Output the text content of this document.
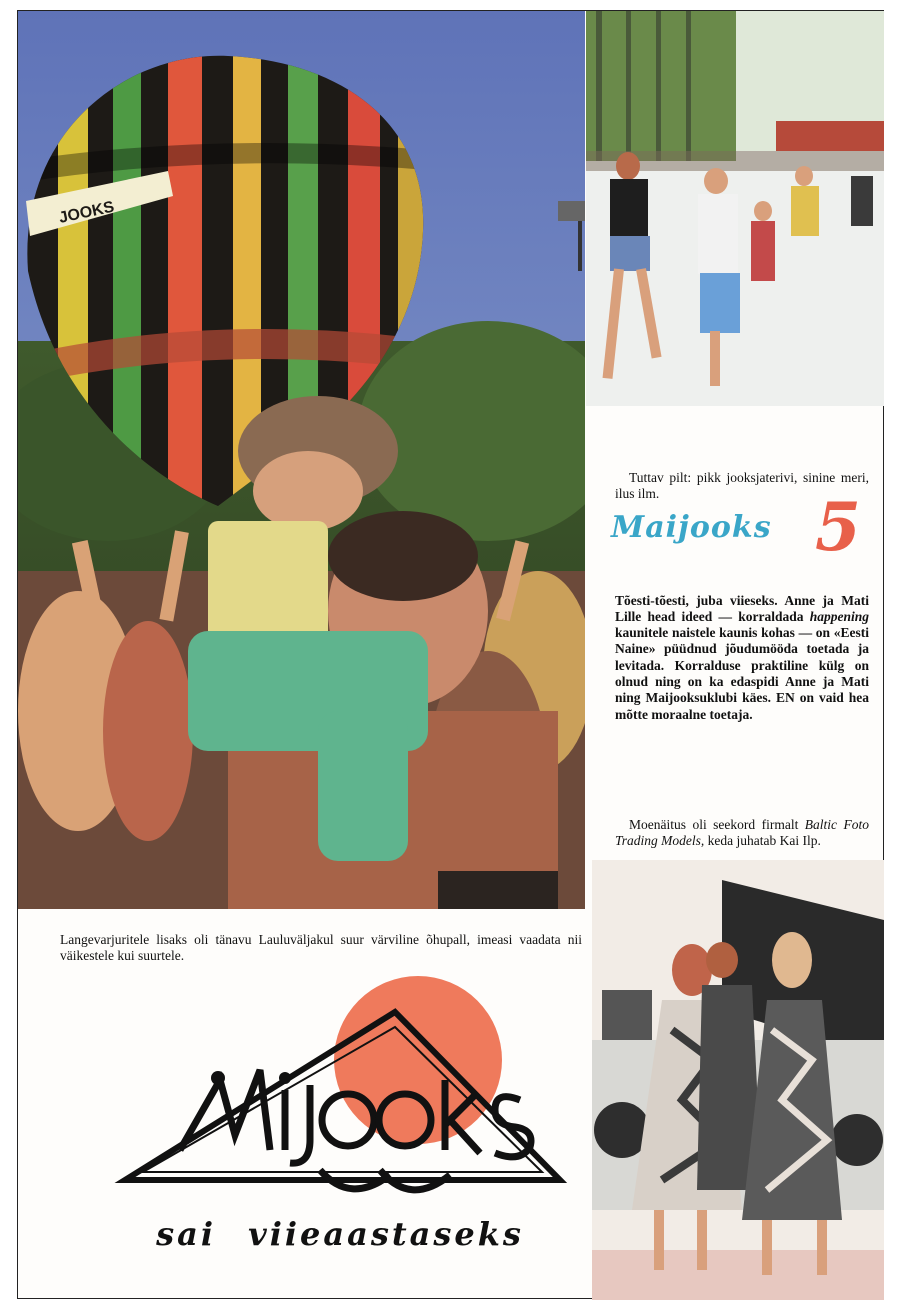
JOOKS

Tuttav pilt: pikk jooksjaterivi, sinine meri, ilus ilm.

Maijooks 5

Tõesti-tõesti, juba viieseks. Anne ja Mati Lille head ideed — korraldada happening kaunitele naistele kaunis kohas — on «Eesti Naine» püüdnud jõudumööda toetada ja levitada. Korralduse praktiline külg on olnud ning on ka edaspidi Anne ja Mati ning Maijooksuklubi käes. EN on vaid hea mõtte moraalne toetaja.

Moenäitus oli seekord firmalt Baltic Foto Trading Models, keda juhatab Kai Ilp.

Langevarjuritele lisaks oli tänavu Lauluväljakul suur värviline õhupall, imeasi vaadata nii väikestele kui suurtele.

sai viieaastaseks
